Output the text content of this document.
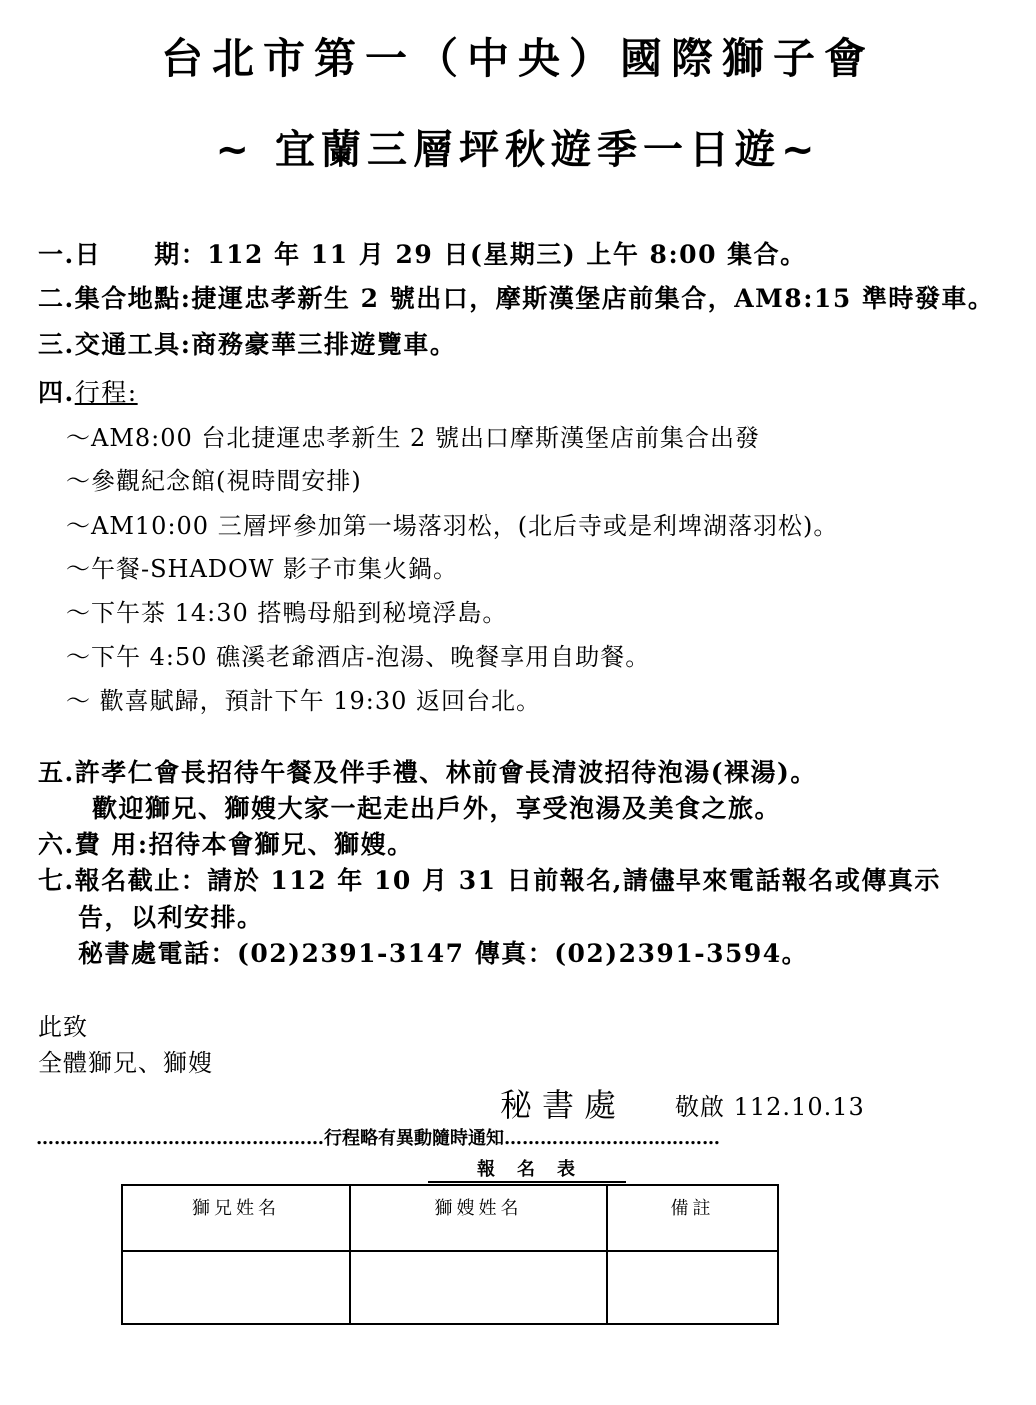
台北市第一（中央）國際獅子會
~ 宜蘭三層坪秋遊季一日遊~
一.日　　期：112 年 11 月 29 日(星期三) 上午 8:00 集合。
二.集合地點:捷運忠孝新生 2 號出口，摩斯漢堡店前集合，AM8:15 準時發車。
三.交通工具:商務豪華三排遊覽車。
四.行程:
～AM8:00 台北捷運忠孝新生 2 號出口摩斯漢堡店前集合出發
～參觀紀念館(視時間安排)
～AM10:00 三層坪參加第一場落羽松，(北后寺或是利埤湖落羽松)。
～午餐-SHADOW 影子市集火鍋。
～下午茶 14:30 搭鴨母船到秘境浮島。
～下午 4:50 礁溪老爺酒店-泡湯、晚餐享用自助餐。
～ 歡喜賦歸，預計下午 19:30 返回台北。
五.許孝仁會長招待午餐及伴手禮、林前會長清波招待泡湯(裸湯)。
歡迎獅兄、獅嫂大家一起走出戶外，享受泡湯及美食之旅。
六.費 用:招待本會獅兄、獅嫂。
七.報名截止：請於 112 年 10 月 31 日前報名,請儘早來電話報名或傳真示
告，以利安排。
秘書處電話：(02)2391-3147 傳真：(02)2391-3594。
此致
全體獅兄、獅嫂
秘書處 敬啟 112.10.13
…………………………………………行程略有異動隨時通知………………………………
報　名　表
獅兄姓名	獅嫂姓名	備註
